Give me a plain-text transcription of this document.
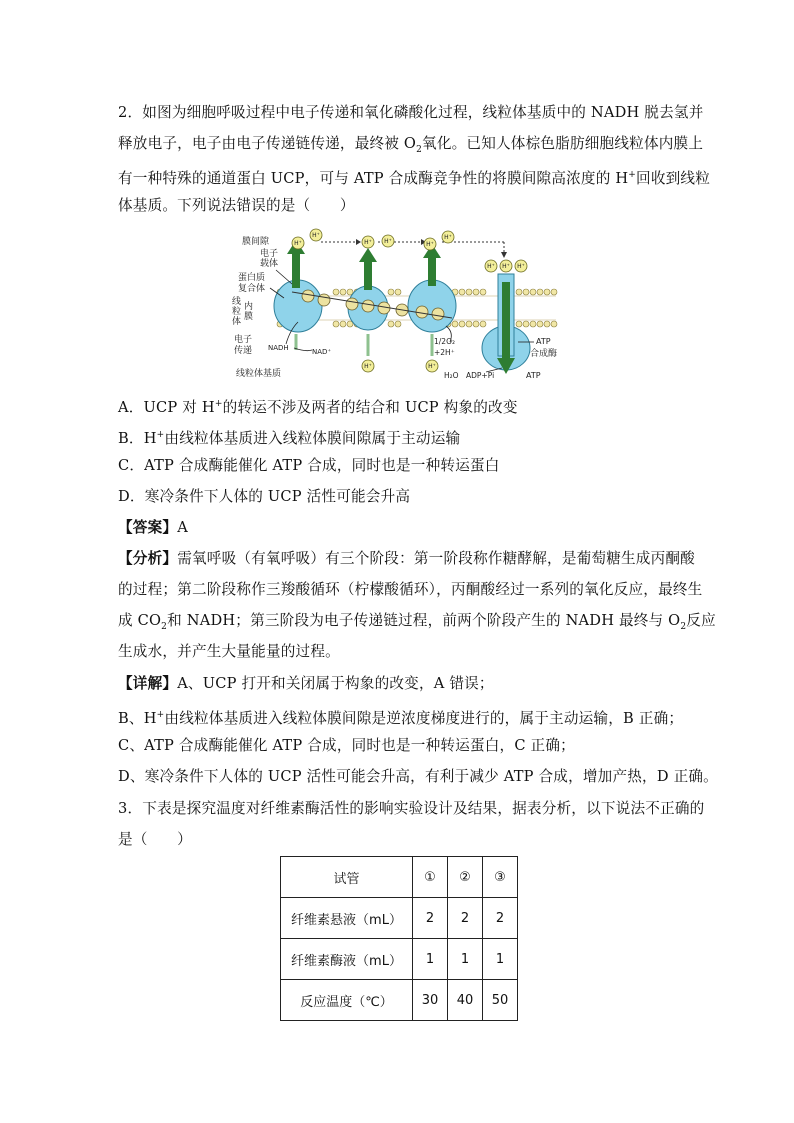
2．如图为细胞呼吸过程中电子传递和氧化磷酸化过程，线粒体基质中的 NADH 脱去氢并
释放电子，电子由电子传递链传递，最终被 $O_2$氧化。已知人体棕色脂肪细胞线粒体内膜上
有一种特殊的通道蛋白 UCP，可与 ATP 合成酶竞争性的将膜间隙高浓度的 H+回收到线粒
体基质。下列说法错误的是（　　）
H⁺
H⁺	H⁺ H⁺	H⁺
H⁺
H⁺ H⁺ H⁺
H⁺	H⁺
膜间隙
电子
载体
蛋白质
复合体
线
粒
体
内
膜
电子
传递 NADH	NAD⁺
线粒体基质
1/2O₂
+2H⁺
H₂O ADP+Pi
ATP
合成酶
ATP
A．UCP 对 H+的转运不涉及两者的结合和 UCP 构象的改变
B．H+由线粒体基质进入线粒体膜间隙属于主动运输
C．ATP 合成酶能催化 ATP 合成，同时也是一种转运蛋白
D．寒冷条件下人体的 UCP 活性可能会升高
【答案】A
【分析】需氧呼吸（有氧呼吸）有三个阶段：第一阶段称作糖酵解，是葡萄糖生成丙酮酸
的过程；第二阶段称作三羧酸循环（柠檬酸循环），丙酮酸经过一系列的氧化反应，最终生
成 $CO_2$和 NADH；第三阶段为电子传递链过程，前两个阶段产生的 NADH 最终与 $O_2$反应
生成水，并产生大量能量的过程。
【详解】A、UCP 打开和关闭属于构象的改变，A 错误；
B、H+由线粒体基质进入线粒体膜间隙是逆浓度梯度进行的，属于主动运输，B 正确；
C、ATP 合成酶能催化 ATP 合成，同时也是一种转运蛋白，C 正确；
D、寒冷条件下人体的 UCP 活性可能会升高，有利于减少 ATP 合成，增加产热，D 正确。
3．下表是探究温度对纤维素酶活性的影响实验设计及结果，据表分析，以下说法不正确的
是（　　）
试管	①	②	③
纤维素悬液（mL）	2	2	2
纤维素酶液（mL）	1	1	1
反应温度（℃）	30	40	50
